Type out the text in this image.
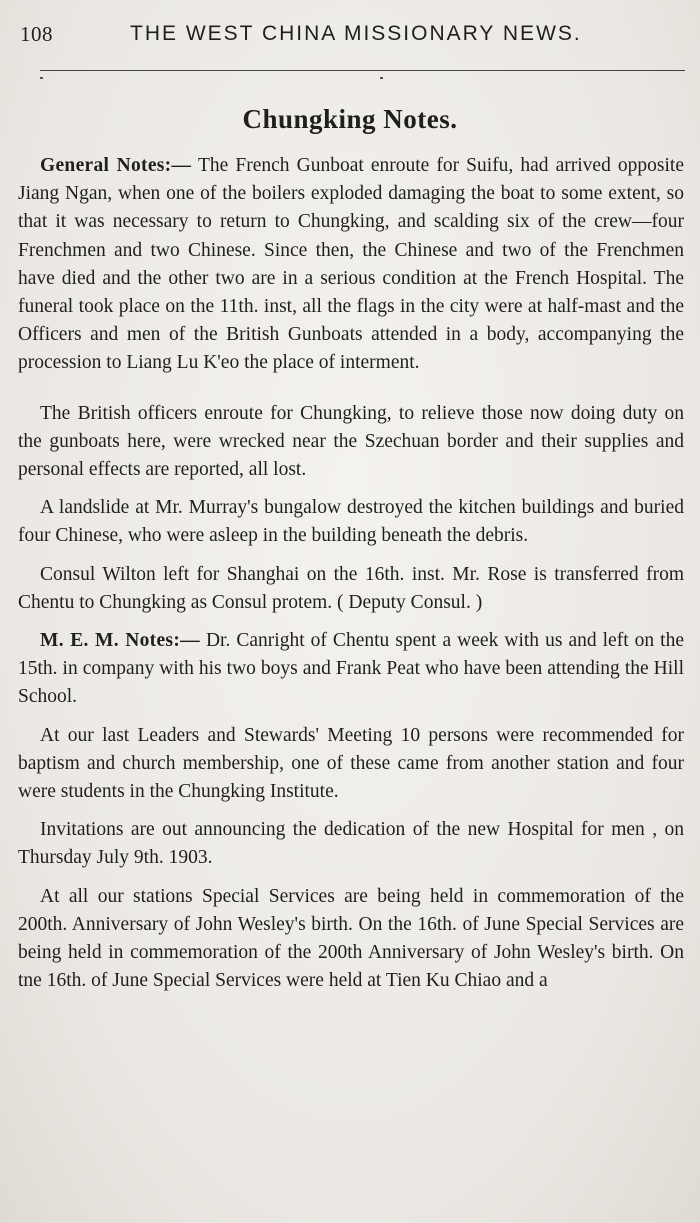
108	THE WEST CHINA MISSIONARY NEWS.
Chungking Notes.

General Notes:— The French Gunboat enroute for Suifu, had arrived opposite Jiang Ngan, when one of the boilers exploded damaging the boat to some extent, so that it was necessary to return to Chungking, and scalding six of the crew—four Frenchmen and two Chinese. Since then, the Chinese and two of the Frenchmen have died and the other two are in a serious condition at the French Hospital. The funeral took place on the 11th. inst, all the flags in the city were at half-mast and the Officers and men of the British Gunboats attended in a body, accompanying the procession to Liang Lu K'eo the place of interment.

The British officers enroute for Chungking, to relieve those now doing duty on the gunboats here, were wrecked near the Szechuan border and their supplies and personal effects are reported, all lost.

A landslide at Mr. Murray's bungalow destroyed the kitchen buildings and buried four Chinese, who were asleep in the building beneath the debris.

Consul Wilton left for Shanghai on the 16th. inst. Mr. Rose is transferred from Chentu to Chungking as Consul protem. ( Deputy Consul. )

M. E. M. Notes:— Dr. Canright of Chentu spent a week with us and left on the 15th. in company with his two boys and Frank Peat who have been attending the Hill School.

At our last Leaders and Stewards' Meeting 10 persons were recommended for baptism and church membership, one of these came from another station and four were students in the Chungking Institute.

Invitations are out announcing the dedication of the new Hospital for men , on Thursday July 9th. 1903.

At all our stations Special Services are being held in commemoration of the 200th. Anniversary of John Wesley's birth. On the 16th. of June Special Services are being held in commemoration of the 200th Anniversary of John Wesley's birth. On tne 16th. of June Special Services were held at Tien Ku Chiao and a
